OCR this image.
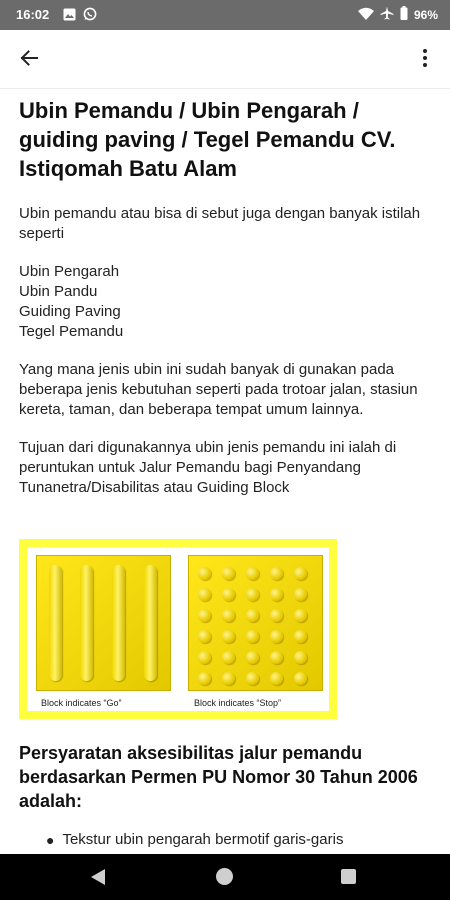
16:02	96%
Ubin Pemandu / Ubin Pengarah / guiding paving / Tegel Pemandu CV. Istiqomah Batu Alam

Ubin pemandu atau bisa di sebut juga dengan banyak istilah seperti

Ubin Pengarah
Ubin Pandu
Guiding Paving
Tegel Pemandu

Yang mana jenis ubin ini sudah banyak di gunakan pada beberapa jenis kebutuhan seperti pada trotoar jalan, stasiun kereta, taman, dan beberapa tempat umum lainnya.

Tujuan dari digunakannya ubin jenis pemandu ini ialah di peruntukan untuk Jalur Pemandu bagi Penyandang Tunanetra/Disabilitas atau Guiding Block

Block indicates “Go”	Block indicates “Stop”
Persyaratan aksesibilitas jalur pemandu berdasarkan Permen PU Nomor 30 Tahun 2006 adalah:
● Tekstur ubin pengarah bermotif garis-garis
